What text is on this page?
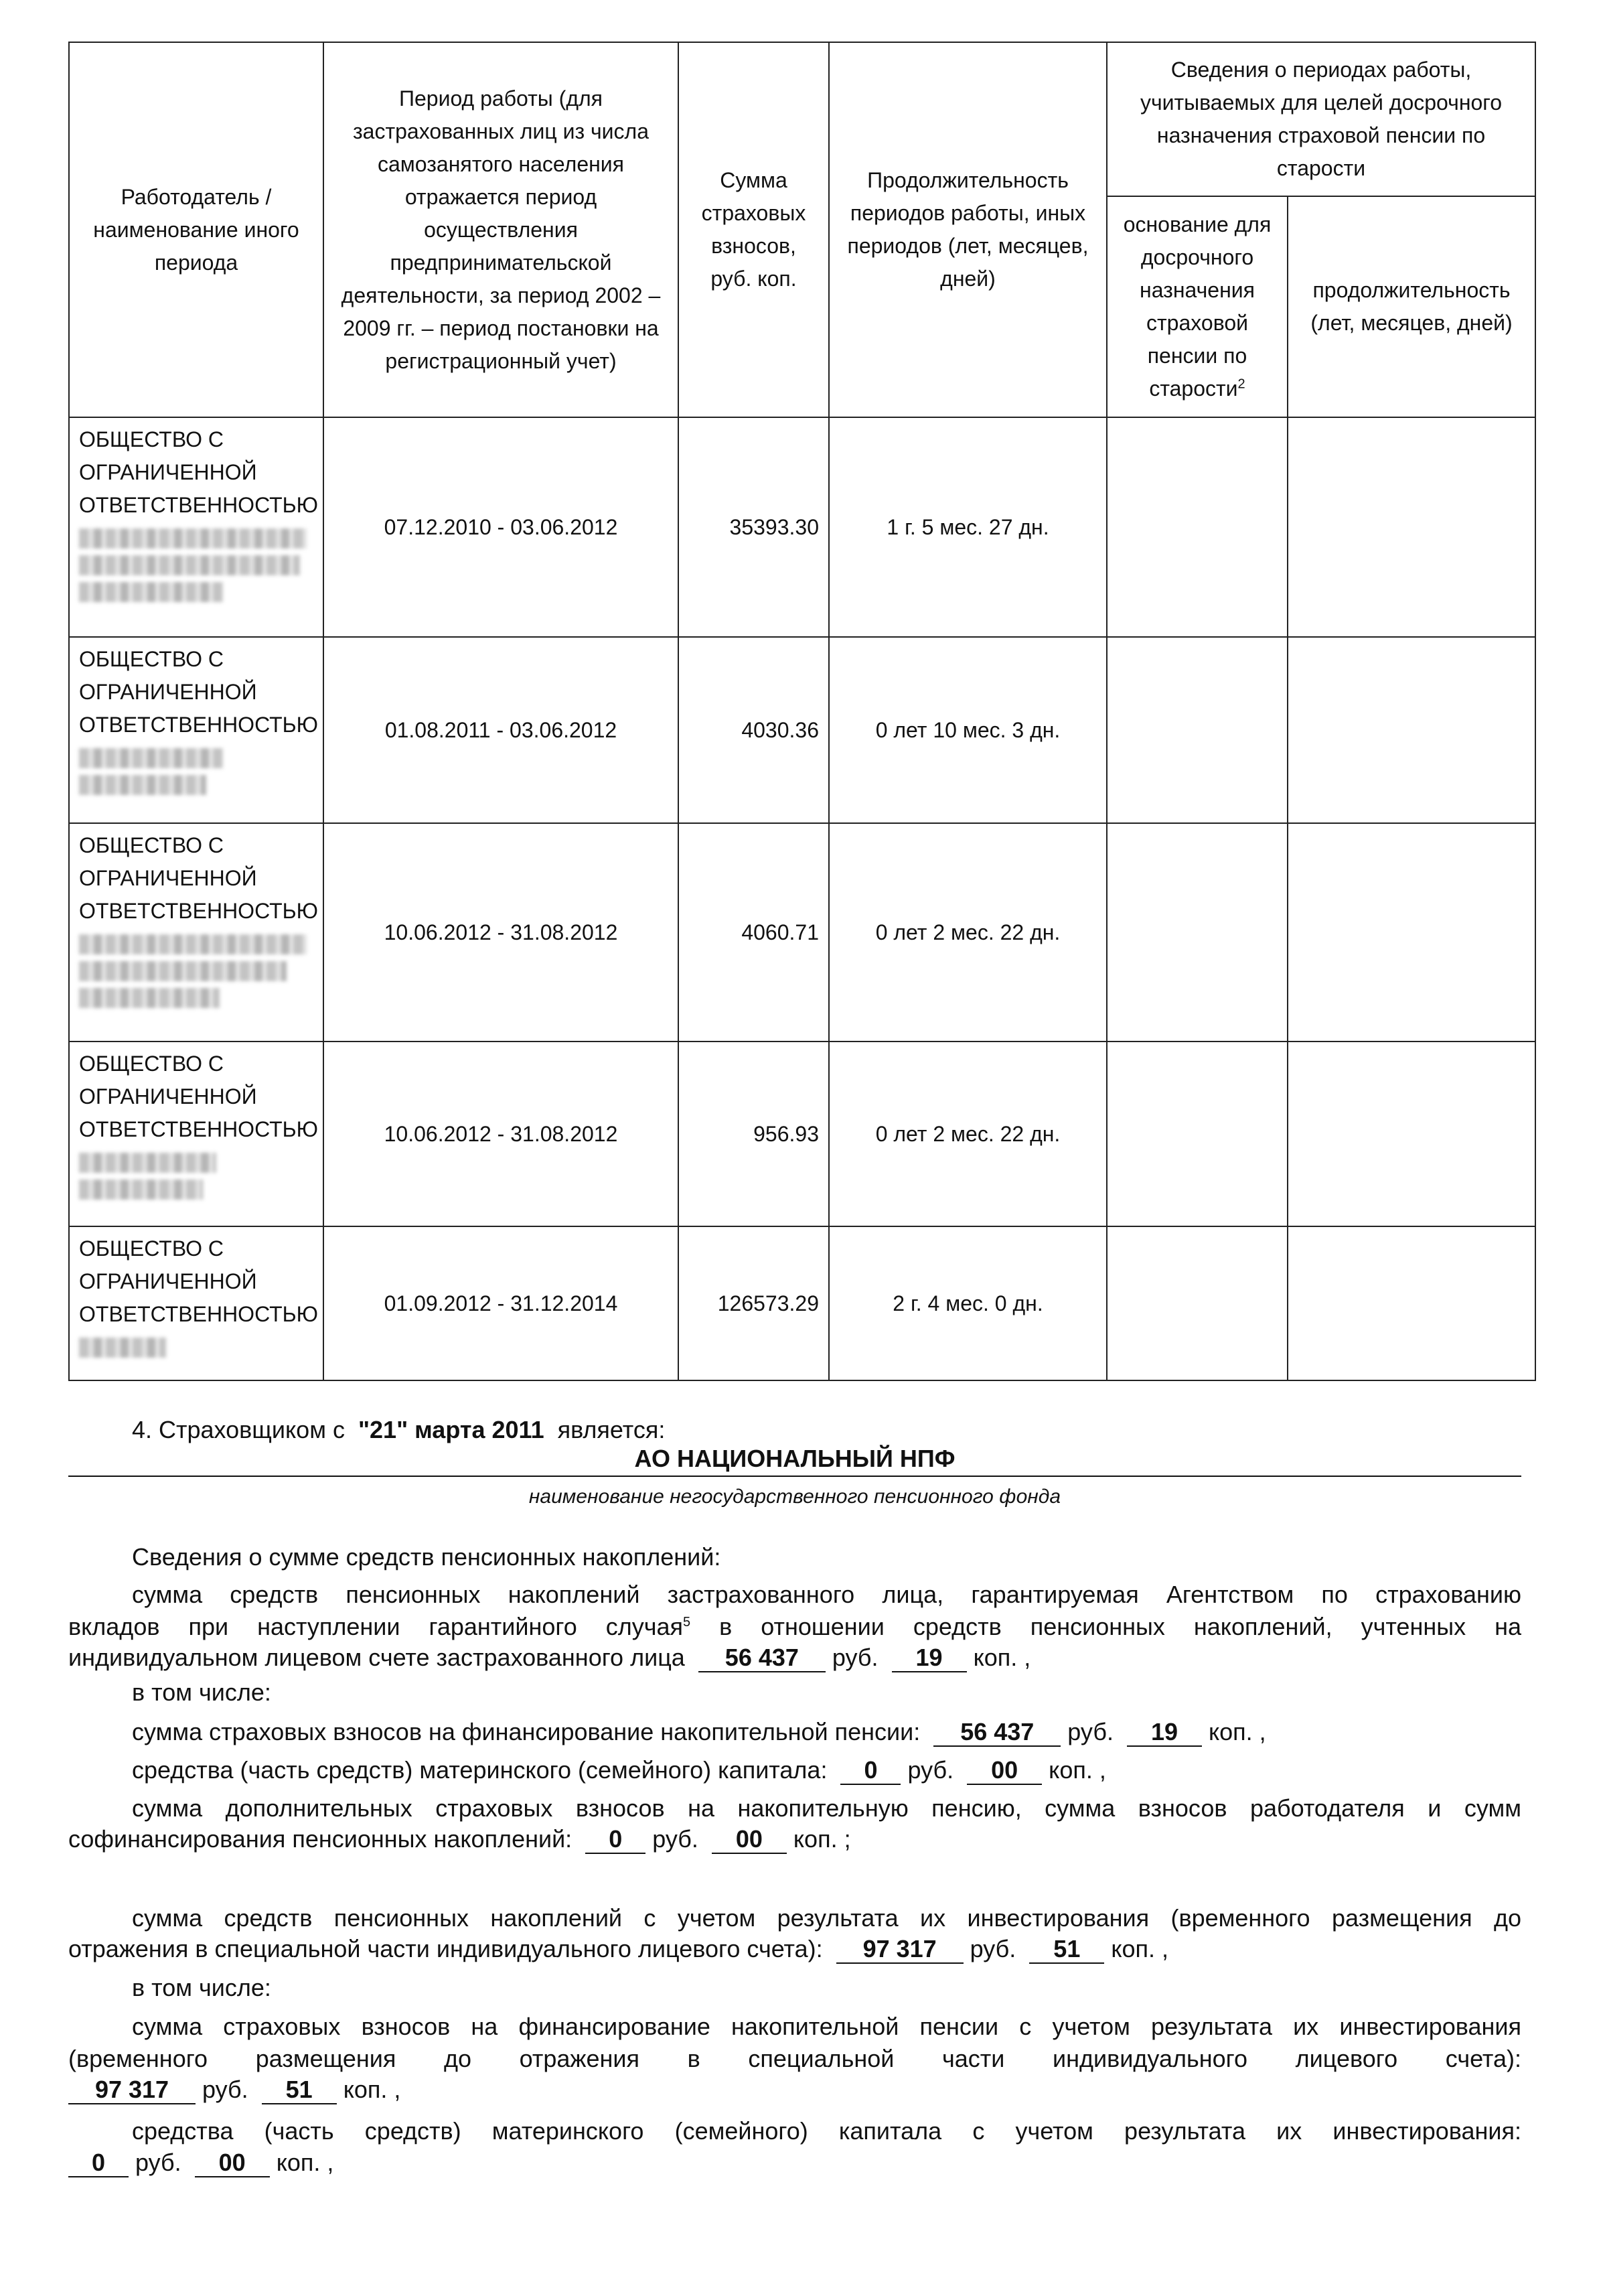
Работодатель / наименование иного периода	Период работы (для застрахованных лиц из числа самозанятого населения отражается период осуществления предпринимательской деятельности, за период 2002 – 2009 гг. – период постановки на регистрационный учет)	Сумма страховых взносов, руб. коп.	Продолжительность периодов работы, иных периодов (лет, месяцев, дней)	Сведения о периодах работы, учитываемых для целей досрочного назначения страховой пенсии по старости	
				основание для досрочного назначения страховой пенсии по старости$^2$	продолжительность (лет, месяцев, дней)

ОБЩЕСТВО С
ОГРАНИЧЕННОЙ
ОТВЕТСТВЕННОСТЬЮ	07.12.2010 - 03.06.2012	35393.30	1 г. 5 мес. 27 дн.		

ОБЩЕСТВО С
ОГРАНИЧЕННОЙ
ОТВЕТСТВЕННОСТЬЮ	01.08.2011 - 03.06.2012	4030.36	0 лет 10 мес. 3 дн.		

ОБЩЕСТВО С
ОГРАНИЧЕННОЙ
ОТВЕТСТВЕННОСТЬЮ	10.06.2012 - 31.08.2012	4060.71	0 лет 2 мес. 22 дн.		

ОБЩЕСТВО С
ОГРАНИЧЕННОЙ
ОТВЕТСТВЕННОСТЬЮ	10.06.2012 - 31.08.2012	956.93	0 лет 2 мес. 22 дн.		

ОБЩЕСТВО С
ОГРАНИЧЕННОЙ
ОТВЕТСТВЕННОСТЬЮ	01.09.2012 - 31.12.2014	126573.29	2 г. 4 мес. 0 дн.		
4. Страховщиком с "21" марта 2011 является:
АО НАЦИОНАЛЬНЫЙ НПФ
наименование негосударственного пенсионного фонда
Сведения о сумме средств пенсионных накоплений:
сумма средств пенсионных накоплений застрахованного лица, гарантируемая Агентством по страхованию
вкладов при наступлении гарантийного случая$^5$ в отношении средств пенсионных накоплений, учтенных на
индивидуальном лицевом счете застрахованного лица 56 437 руб. 19 коп. ,
в том числе:
сумма страховых взносов на финансирование накопительной пенсии: 56 437 руб. 19 коп. ,
средства (часть средств) материнского (семейного) капитала: 0 руб. 00 коп. ,
сумма дополнительных страховых взносов на накопительную пенсию, сумма взносов работодателя и сумм
софинансирования пенсионных накоплений: 0 руб. 00 коп. ;
сумма средств пенсионных накоплений с учетом результата их инвестирования (временного размещения до
отражения в специальной части индивидуального лицевого счета): 97 317 руб. 51 коп. ,
в том числе:
сумма страховых взносов на финансирование накопительной пенсии с учетом результата их инвестирования
(временного размещения до отражения в специальной части индивидуального лицевого счета):
97 317 руб. 51 коп. ,
средства (часть средств) материнского (семейного) капитала с учетом результата их инвестирования:
0 руб. 00 коп. ,
